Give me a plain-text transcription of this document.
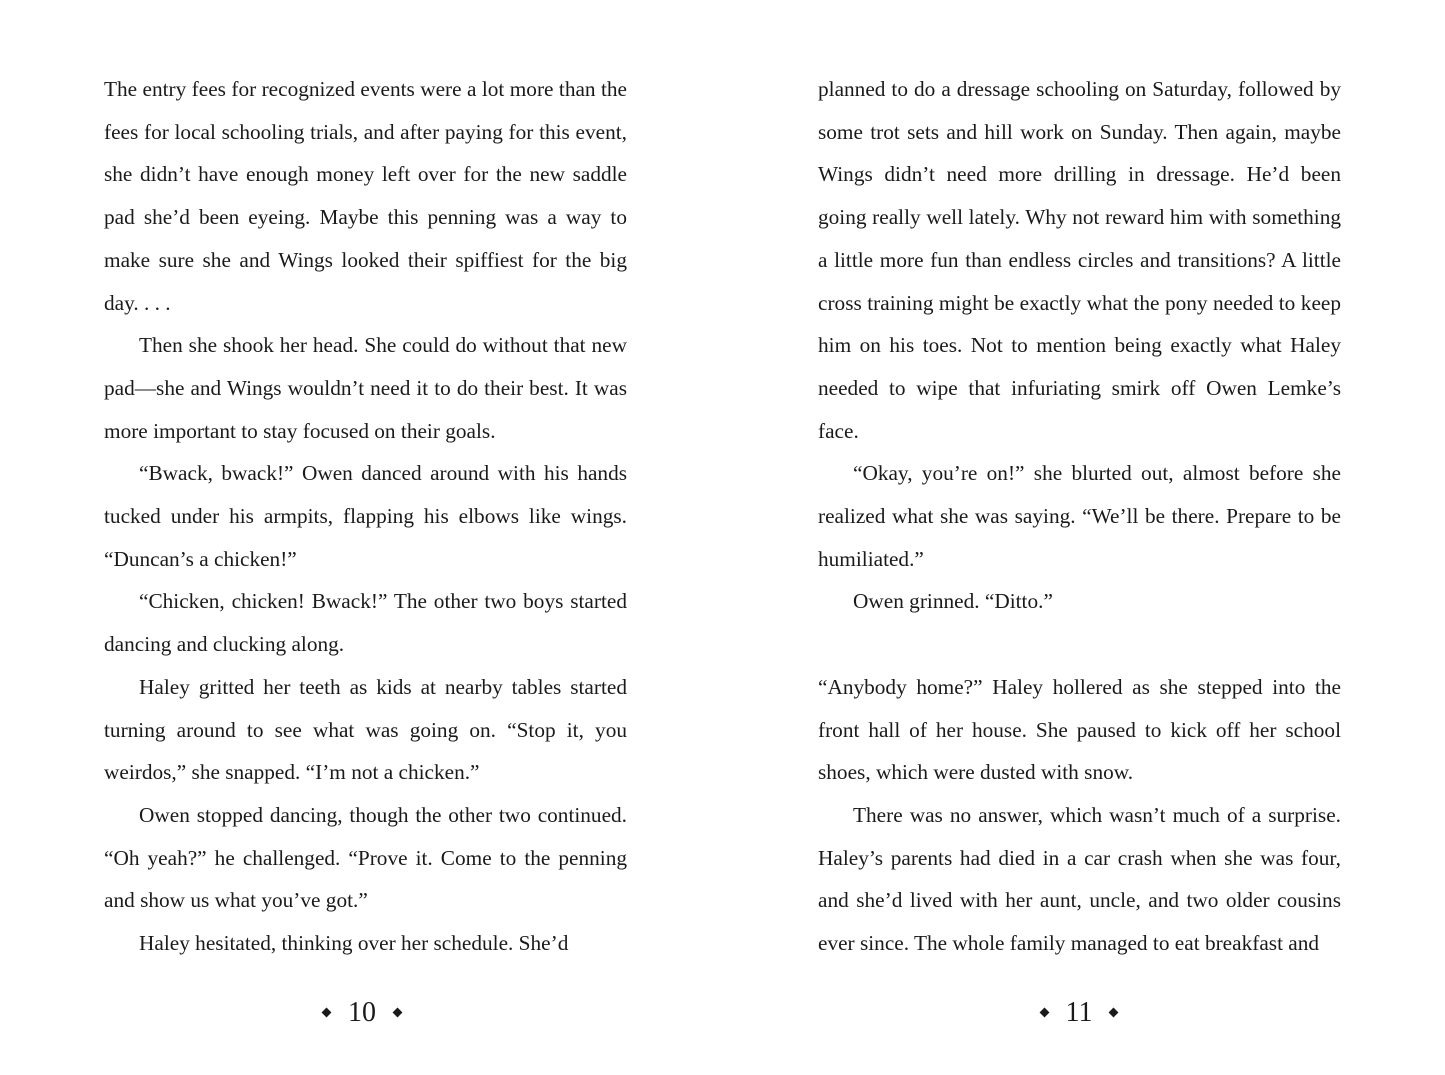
The entry fees for recognized events were a lot more than the fees for local schooling trials, and after paying for this event, she didn’t have enough money left over for the new saddle pad she’d been eyeing. Maybe this penning was a way to make sure she and Wings looked their spiffiest for the big day. . . .

Then she shook her head. She could do without that new pad—she and Wings wouldn’t need it to do their best. It was more important to stay focused on their goals.

“Bwack, bwack!” Owen danced around with his hands tucked under his armpits, flapping his elbows like wings. “Duncan’s a chicken!”

“Chicken, chicken! Bwack!” The other two boys started dancing and clucking along.

Haley gritted her teeth as kids at nearby tables started turning around to see what was going on. “Stop it, you weirdos,” she snapped. “I’m not a chicken.”

Owen stopped dancing, though the other two continued. “Oh yeah?” he challenged. “Prove it. Come to the penning and show us what you’ve got.”

Haley hesitated, thinking over her schedule. She’d

10

planned to do a dressage schooling on Saturday, followed by some trot sets and hill work on Sunday. Then again, maybe Wings didn’t need more drilling in dressage. He’d been going really well lately. Why not reward him with something a little more fun than endless circles and transitions? A little cross training might be exactly what the pony needed to keep him on his toes. Not to mention being exactly what Haley needed to wipe that infuriating smirk off Owen Lemke’s face.

“Okay, you’re on!” she blurted out, almost before she realized what she was saying. “We’ll be there. Prepare to be humiliated.”

Owen grinned. “Ditto.”

“Anybody home?” Haley hollered as she stepped into the front hall of her house. She paused to kick off her school shoes, which were dusted with snow.

There was no answer, which wasn’t much of a surprise. Haley’s parents had died in a car crash when she was four, and she’d lived with her aunt, uncle, and two older cousins ever since. The whole family managed to eat breakfast and

11
